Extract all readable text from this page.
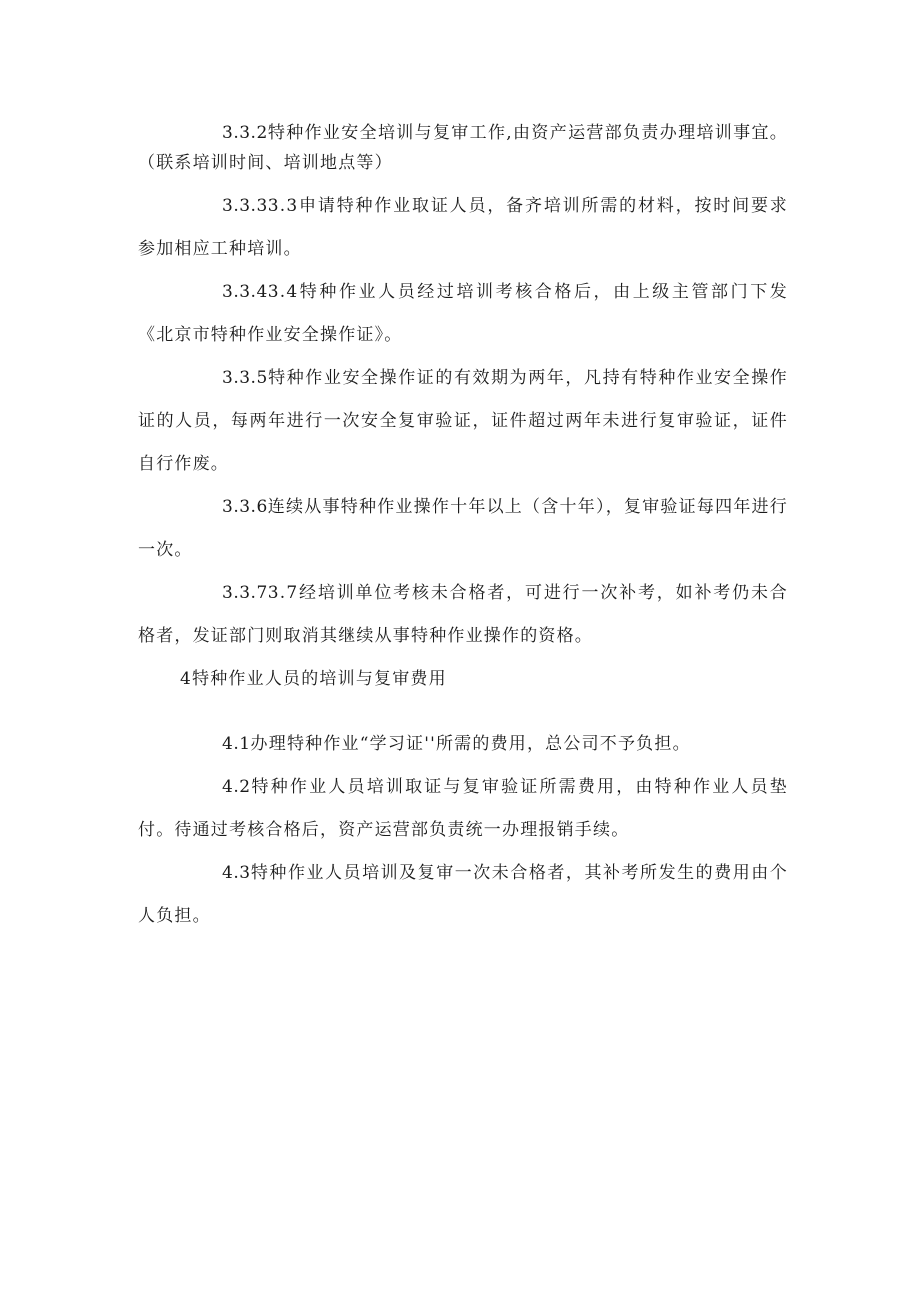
3.3.2特种作业安全培训与复审工作,由资产运营部负责办理培训事宜。（联系培训时间、培训地点等）

3.3.33.3申请特种作业取证人员，备齐培训所需的材料，按时间要求参加相应工种培训。

3.3.43.4特种作业人员经过培训考核合格后，由上级主管部门下发《北京市特种作业安全操作证》。

3.3.5特种作业安全操作证的有效期为两年，凡持有特种作业安全操作证的人员，每两年进行一次安全复审验证，证件超过两年未进行复审验证，证件自行作废。

3.3.6连续从事特种作业操作十年以上（含十年），复审验证每四年进行一次。

3.3.73.7经培训单位考核未合格者，可进行一次补考，如补考仍未合格者，发证部门则取消其继续从事特种作业操作的资格。

4特种作业人员的培训与复审费用

4.1办理特种作业“学习证''所需的费用，总公司不予负担。

4.2特种作业人员培训取证与复审验证所需费用，由特种作业人员垫付。待通过考核合格后，资产运营部负责统一办理报销手续。

4.3特种作业人员培训及复审一次未合格者，其补考所发生的费用由个人负担。
